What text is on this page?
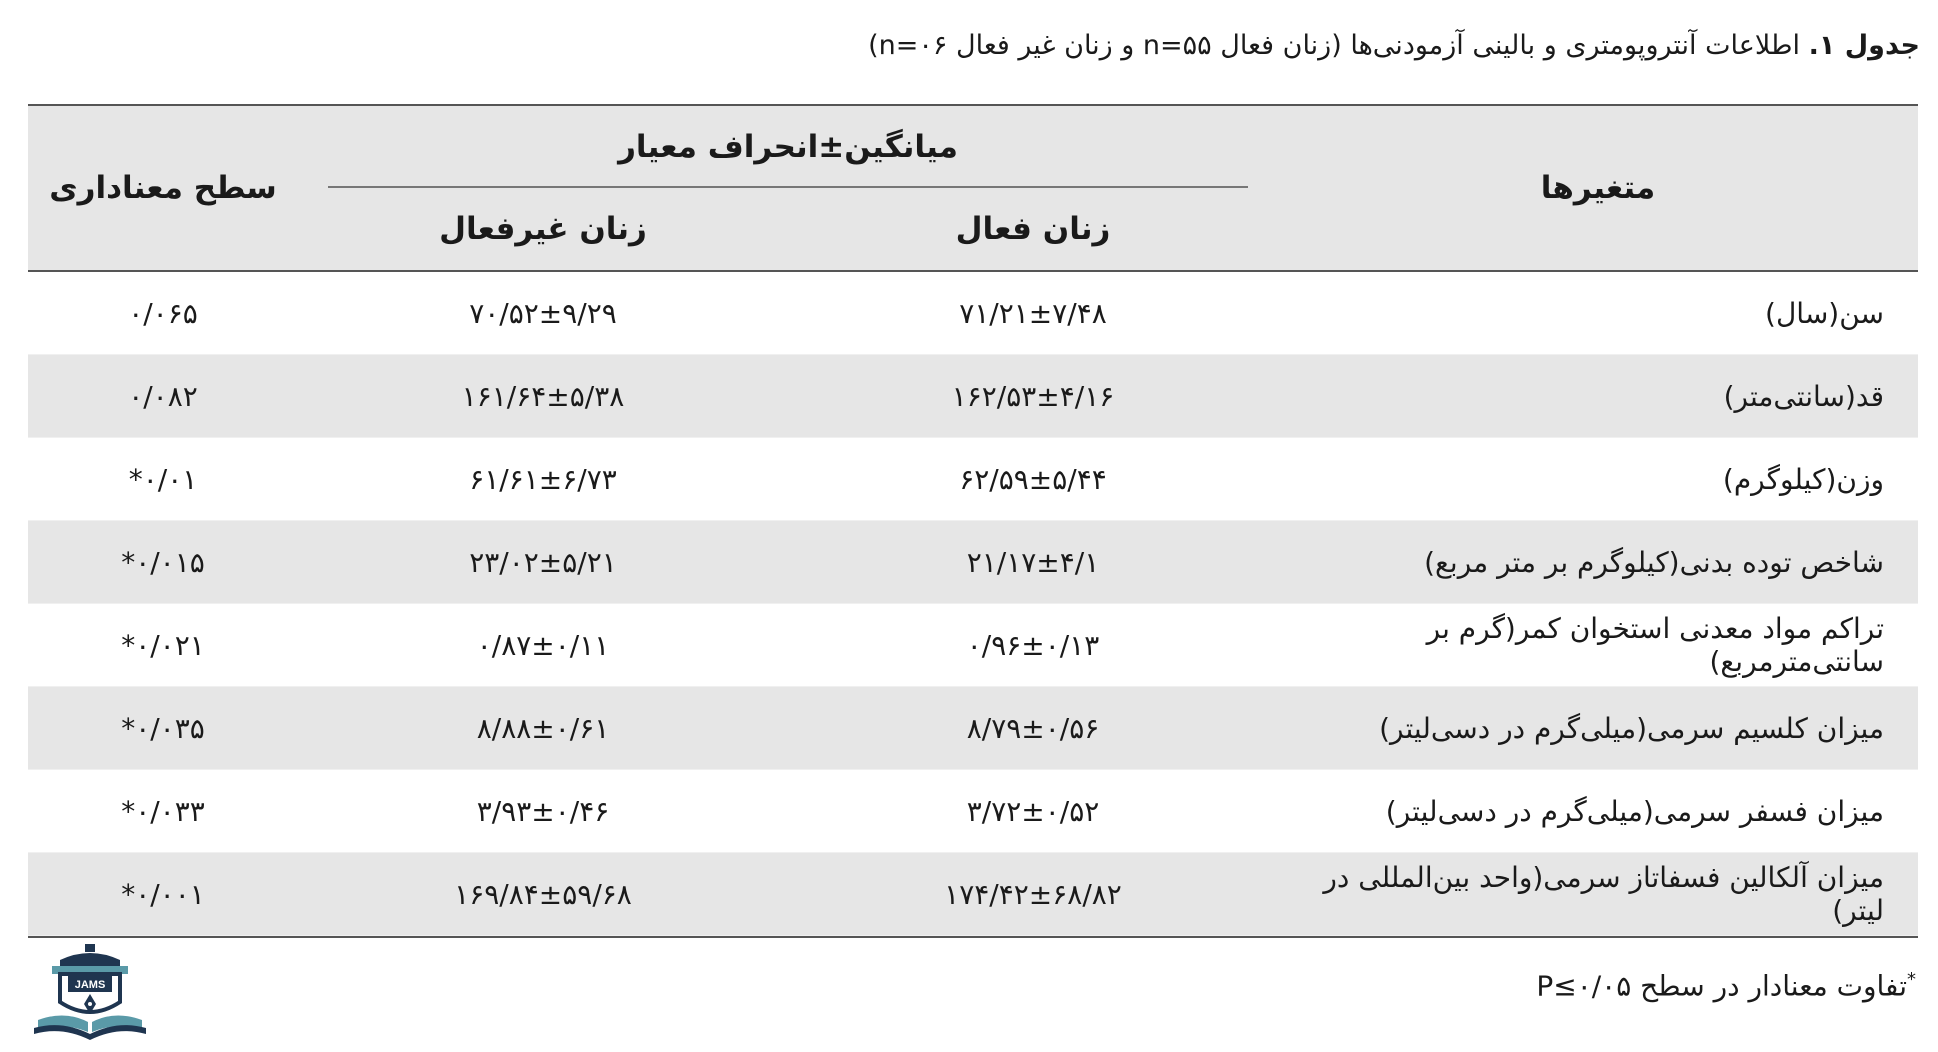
جدول ۱. اطلاعات آنتروپومتری و بالینی آزمودنی‌ها (زنان فعال n=۵۵ و زنان غیر فعال n=۰۶)
متغیرها	میانگین±انحراف معیار		سطح معناداری
	زنان فعال	زنان غیرفعال	
سن(سال)	۷۱/۲۱±۷/۴۸	۷۰/۵۲±۹/۲۹	۰/۰۶۵
قد(سانتی‌متر)	۱۶۲/۵۳±۴/۱۶	۱۶۱/۶۴±۵/۳۸	۰/۰۸۲
وزن(کیلوگرم)	۶۲/۵۹±۵/۴۴	۶۱/۶۱±۶/۷۳	۰/۰۱*
شاخص توده بدنی(کیلوگرم بر متر مربع)	۲۱/۱۷±۴/۱	۲۳/۰۲±۵/۲۱	۰/۰۱۵*
تراکم مواد معدنی استخوان کمر(گرم بر سانتی‌مترمربع)	۰/۹۶±۰/۱۳	۰/۸۷±۰/۱۱	۰/۰۲۱*
میزان کلسیم سرمی(میلی‌گرم در دسی‌لیتر)	۸/۷۹±۰/۵۶	۸/۸۸±۰/۶۱	۰/۰۳۵*
میزان فسفر سرمی(میلی‌گرم در دسی‌لیتر)	۳/۷۲±۰/۵۲	۳/۹۳±۰/۴۶	۰/۰۳۳*
میزان آلکالین فسفاتاز سرمی(واحد بین‌المللی در لیتر)	۱۷۴/۴۲±۶۸/۸۲	۱۶۹/۸۴±۵۹/۶۸	۰/۰۰۱*
*تفاوت معنادار در سطح P≤۰/۰۵
JAMS
